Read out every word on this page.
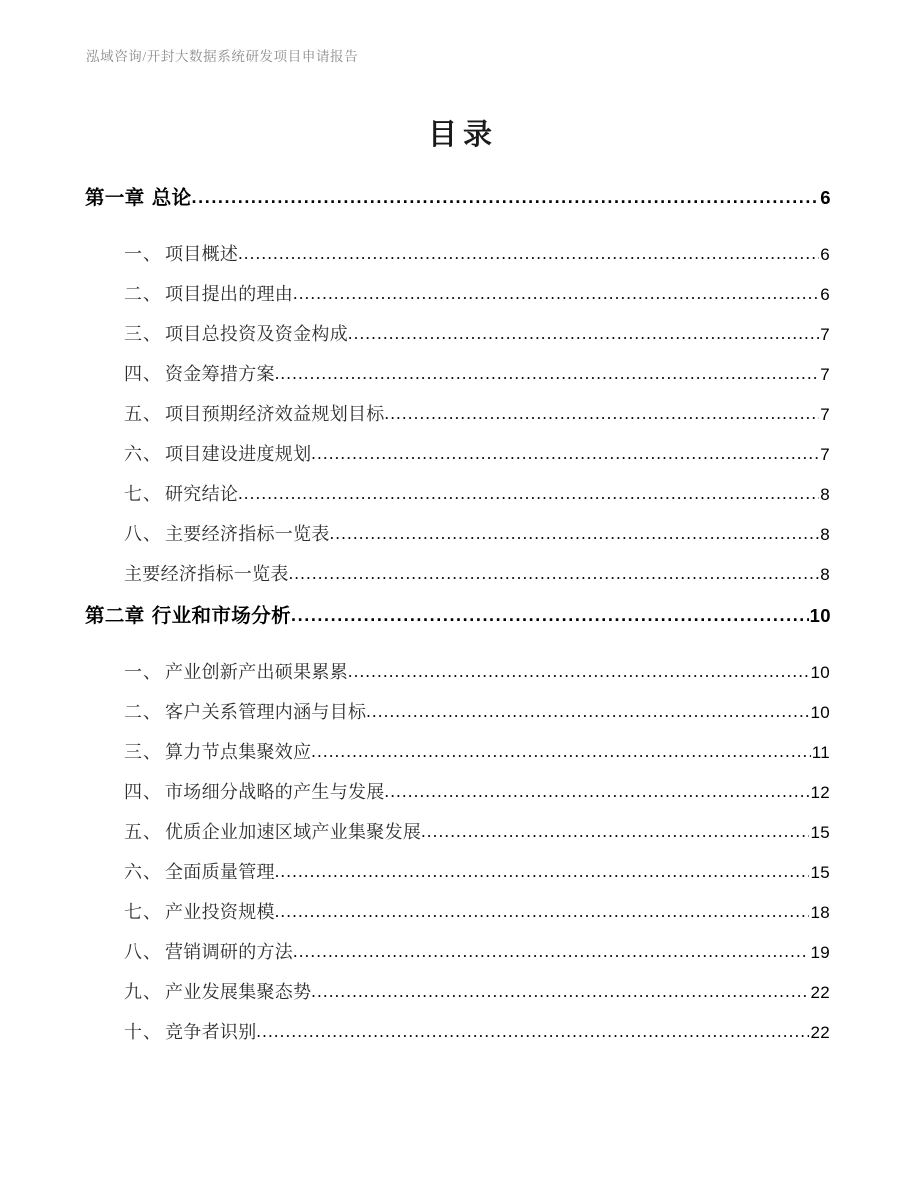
泓域咨询/开封大数据系统研发项目申请报告
目录
第一章 总论 .....	6
一、 项目概述 .....	6
二、 项目提出的理由 .....	6
三、 项目总投资及资金构成 .....	7
四、 资金筹措方案 .....	7
五、 项目预期经济效益规划目标 .....	7
六、 项目建设进度规划 .....	7
七、 研究结论 .....	8
八、 主要经济指标一览表 .....	8
主要经济指标一览表 .....	8
第二章 行业和市场分析 .....	10
一、 产业创新产出硕果累累 .....	10
二、 客户关系管理内涵与目标 .....	10
三、 算力节点集聚效应 .....	11
四、 市场细分战略的产生与发展 .....	12
五、 优质企业加速区域产业集聚发展 .....	15
六、 全面质量管理 .....	15
七、 产业投资规模 .....	18
八、 营销调研的方法 .....	19
九、 产业发展集聚态势 .....	22
十、 竞争者识别 .....	22
